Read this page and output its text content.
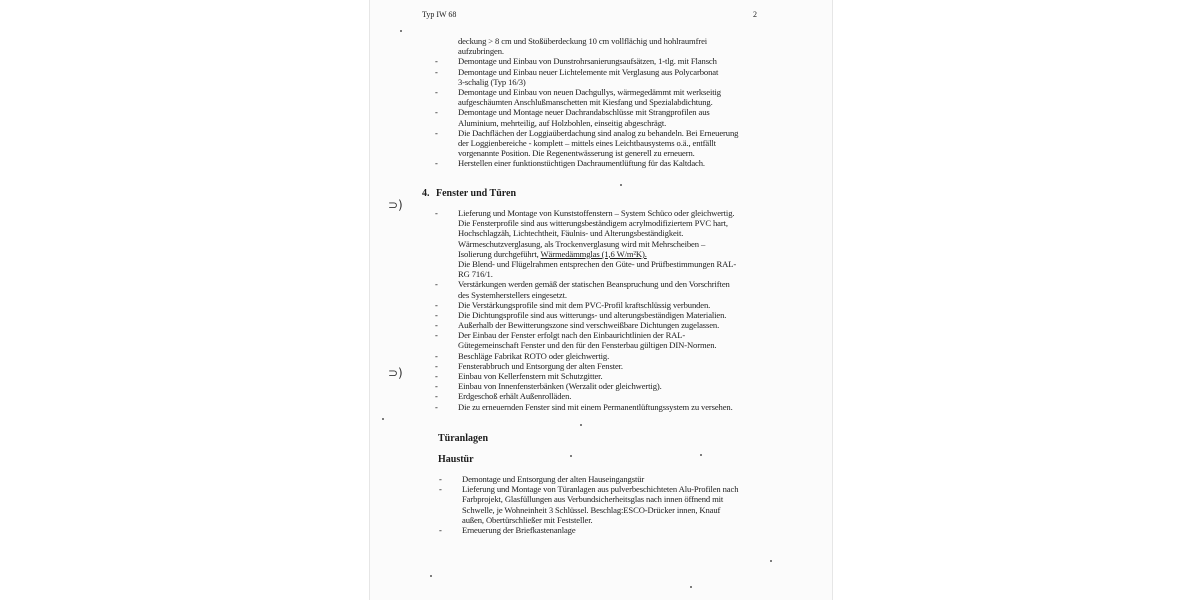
Typ IW 68	2
deckung > 8 cm und Stoßüberdeckung 10 cm vollflächig und hohlraumfrei
aufzubringen.
- Demontage und Einbau von Dunstrohrsanierungsaufsätzen, 1-tlg. mit Flansch
- Demontage und Einbau neuer Lichtelemente mit Verglasung aus Polycarbonat
3-schalig (Typ 16/3)
- Demontage und Einbau von neuen Dachgullys, wärmegedämmt mit werkseitig
aufgeschäumten Anschlußmanschetten mit Kiesfang und Spezialabdichtung.
- Demontage und Montage neuer Dachrandabschlüsse mit Strangprofilen aus
Aluminium, mehrteilig, auf Holzbohlen, einseitig abgeschrägt.
- Die Dachflächen der Loggiaüberdachung sind analog zu behandeln. Bei Erneuerung
der Loggienbereiche - komplett – mittels eines Leichtbausystems o.ä., entfällt
vorgenannte Position. Die Regenentwässerung ist generell zu erneuern.
- Herstellen einer funktionstüchtigen Dachraumentlüftung für das Kaltdach.
4. Fenster und Türen
- Lieferung und Montage von Kunststoffenstern – System Schüco oder gleichwertig.
Die Fensterprofile sind aus witterungsbeständigem acrylmodifiziertem PVC hart,
Hochschlagzäh, Lichtechtheit, Fäulnis- und Alterungsbeständigkeit.
Wärmeschutzverglasung, als Trockenverglasung wird mit Mehrscheiben –
Isolierung durchgeführt, Wärmedämmglas (1,6 W/m²K).
Die Blend- und Flügelrahmen entsprechen den Güte- und Prüfbestimmungen RAL-
RG 716/1.
- Verstärkungen werden gemäß der statischen Beanspruchung und den Vorschriften
des Systemherstellers eingesetzt.
- Die Verstärkungsprofile sind mit dem PVC-Profil kraftschlüssig verbunden.
- Die Dichtungsprofile sind aus witterungs- und alterungsbeständigen Materialien.
- Außerhalb der Bewitterungszone sind verschweißbare Dichtungen zugelassen.
- Der Einbau der Fenster erfolgt nach den Einbaurichtlinien der RAL-
Gütegemeinschaft Fenster und den für den Fensterbau gültigen DIN-Normen.
- Beschläge Fabrikat ROTO oder gleichwertig.
- Fensterabbruch und Entsorgung der alten Fenster.
- Einbau von Kellerfenstern mit Schutzgitter.
- Einbau von Innenfensterbänken (Werzalit oder gleichwertig).
- Erdgeschoß erhält Außenrolläden.
- Die zu erneuernden Fenster sind mit einem Permanentlüftungssystem zu versehen.
Türanlagen
Haustür
- Demontage und Entsorgung der alten Hauseingangstür
- Lieferung und Montage von Türanlagen aus pulverbeschichteten Alu-Profilen nach
Farbprojekt, Glasfüllungen aus Verbundsicherheitsglas nach innen öffnend mit
Schwelle, je Wohneinheit 3 Schlüssel. Beschlag:ESCO-Drücker innen, Knauf
außen, Obertürschließer mit Feststeller.
- Erneuerung der Briefkastenanlage
⊃)
⊃)
